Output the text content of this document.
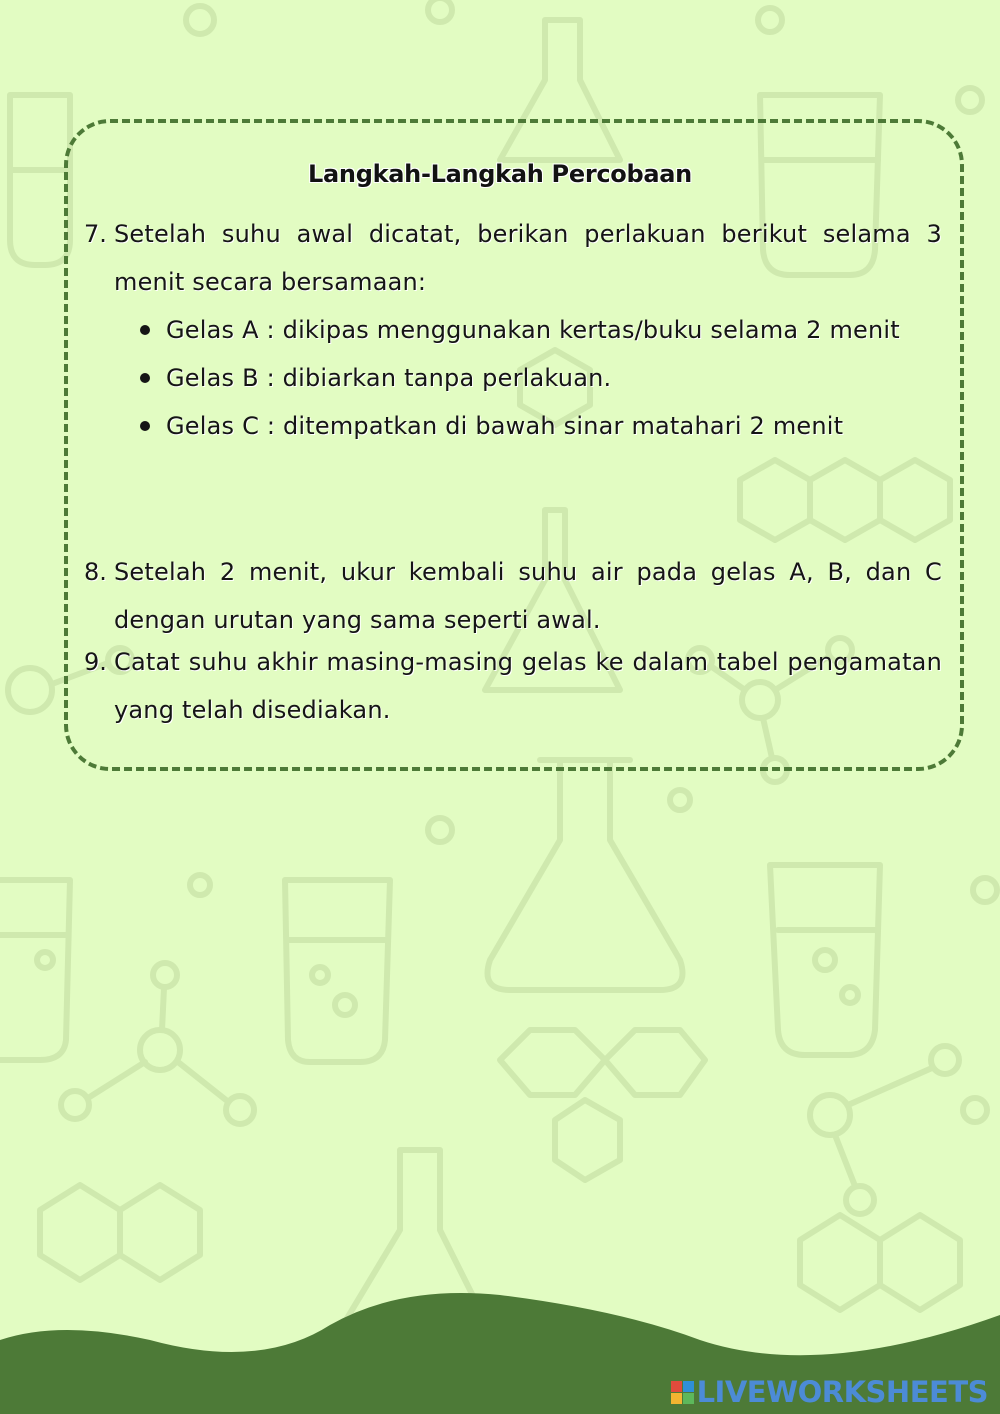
Langkah-Langkah Percobaan
7. Setelah suhu awal dicatat, berikan perlakuan berikut selama 3 menit secara bersamaan:
Gelas A : dikipas menggunakan kertas/buku selama 2 menit
Gelas B : dibiarkan tanpa perlakuan.
Gelas C : ditempatkan di bawah sinar matahari 2 menit
8. Setelah 2 menit, ukur kembali suhu air pada gelas A, B, dan C dengan urutan yang sama seperti awal.
9. Catat suhu akhir masing-masing gelas ke dalam tabel pengamatan yang telah disediakan.
LIVEWORKSHEETS
